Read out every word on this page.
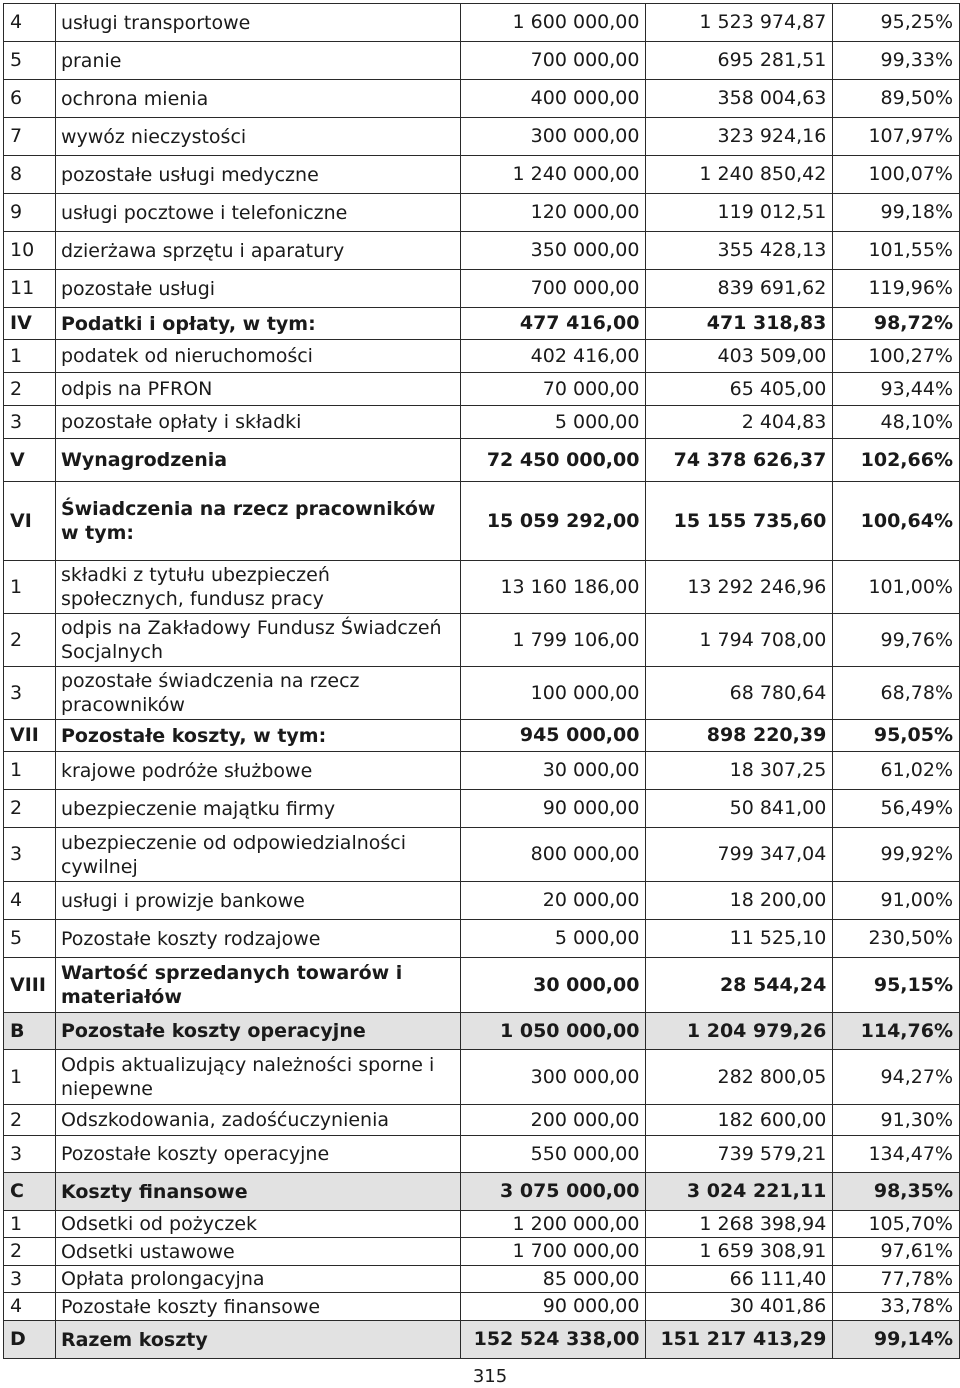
4	usługi transportowe	1 600 000,00	1 523 974,87	95,25%
5	pranie	700 000,00	695 281,51	99,33%
6	ochrona mienia	400 000,00	358 004,63	89,50%
7	wywóz nieczystości	300 000,00	323 924,16	107,97%
8	pozostałe usługi medyczne	1 240 000,00	1 240 850,42	100,07%
9	usługi pocztowe i telefoniczne	120 000,00	119 012,51	99,18%
10	dzierżawa sprzętu i aparatury	350 000,00	355 428,13	101,55%
11	pozostałe usługi	700 000,00	839 691,62	119,96%
IV	Podatki i opłaty, w tym:	477 416,00	471 318,83	98,72%
1	podatek od nieruchomości	402 416,00	403 509,00	100,27%
2	odpis na PFRON	70 000,00	65 405,00	93,44%
3	pozostałe opłaty i składki	5 000,00	2 404,83	48,10%
V	Wynagrodzenia	72 450 000,00	74 378 626,37	102,66%
VI	Świadczenia na rzecz pracowników w tym:	15 059 292,00	15 155 735,60	100,64%
1	składki z tytułu ubezpieczeń społecznych, fundusz pracy	13 160 186,00	13 292 246,96	101,00%
2	odpis na Zakładowy Fundusz Świadczeń Socjalnych	1 799 106,00	1 794 708,00	99,76%
3	pozostałe świadczenia na rzecz pracowników	100 000,00	68 780,64	68,78%
VII	Pozostałe koszty, w tym:	945 000,00	898 220,39	95,05%
1	krajowe podróże służbowe	30 000,00	18 307,25	61,02%
2	ubezpieczenie majątku firmy	90 000,00	50 841,00	56,49%
3	ubezpieczenie od odpowiedzialności cywilnej	800 000,00	799 347,04	99,92%
4	usługi i prowizje bankowe	20 000,00	18 200,00	91,00%
5	Pozostałe koszty rodzajowe	5 000,00	11 525,10	230,50%
VIII	Wartość sprzedanych towarów i materiałów	30 000,00	28 544,24	95,15%
B	Pozostałe koszty operacyjne	1 050 000,00	1 204 979,26	114,76%
1	Odpis aktualizujący należności sporne i niepewne	300 000,00	282 800,05	94,27%
2	Odszkodowania, zadośćuczynienia	200 000,00	182 600,00	91,30%
3	Pozostałe koszty operacyjne	550 000,00	739 579,21	134,47%
C	Koszty finansowe	3 075 000,00	3 024 221,11	98,35%
1	Odsetki od pożyczek	1 200 000,00	1 268 398,94	105,70%
2	Odsetki ustawowe	1 700 000,00	1 659 308,91	97,61%
3	Opłata prolongacyjna	85 000,00	66 111,40	77,78%
4	Pozostałe koszty finansowe	90 000,00	30 401,86	33,78%
D	Razem koszty	152 524 338,00	151 217 413,29	99,14%
315
